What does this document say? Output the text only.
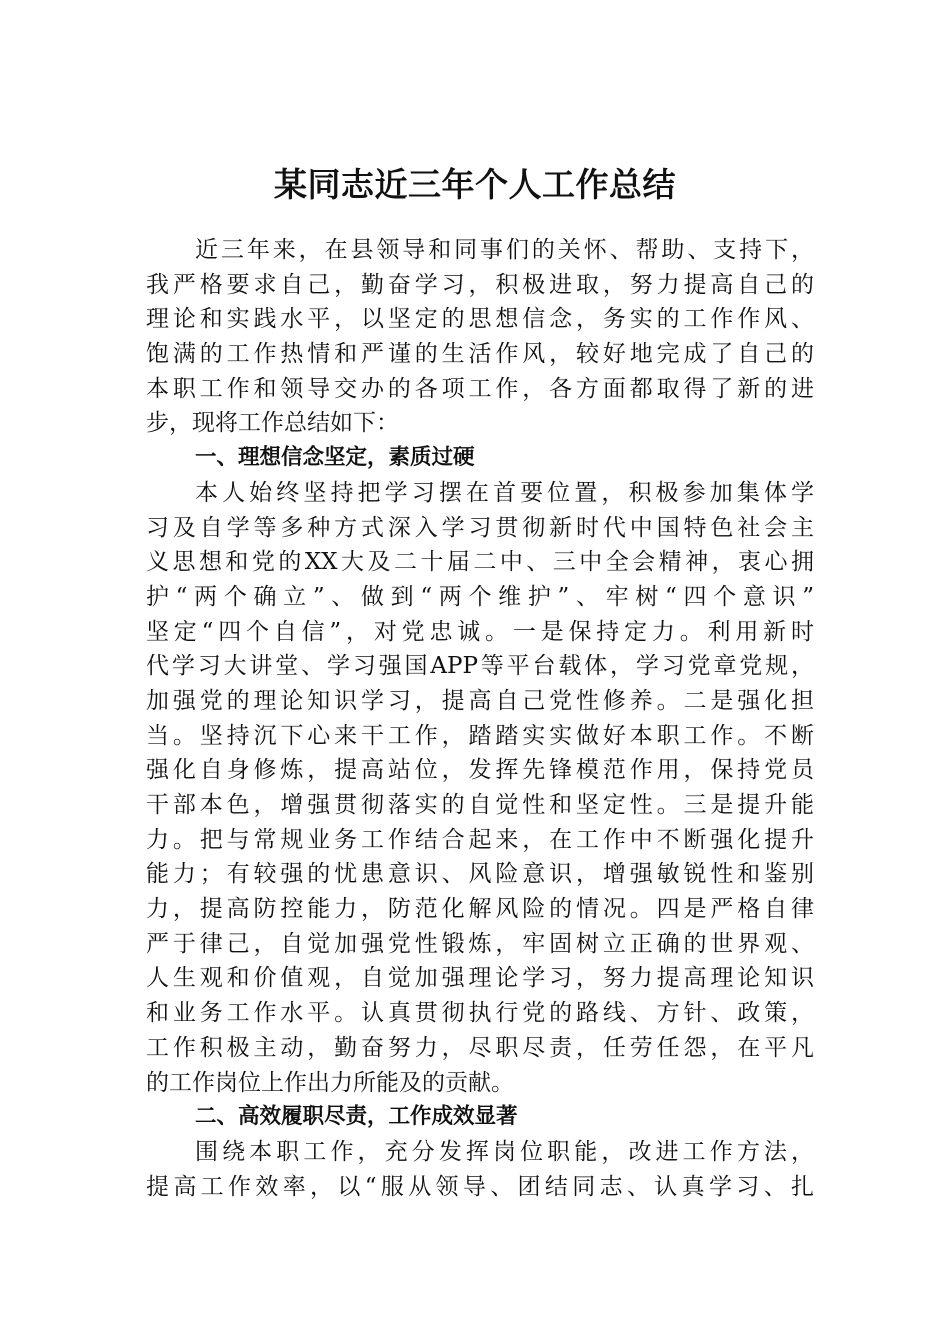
某同志近三年个人工作总结
近三年来，在县领导和同事们的关怀、帮助、支持下，
我严格要求自己，勤奋学习，积极进取，努力提高自己的
理论和实践水平，以坚定的思想信念，务实的工作作风、
饱满的工作热情和严谨的生活作风，较好地完成了自己的
本职工作和领导交办的各项工作，各方面都取得了新的进
步，现将工作总结如下：
一、理想信念坚定，素质过硬
本人始终坚持把学习摆在首要位置，积极参加集体学
习及自学等多种方式深入学习贯彻新时代中国特色社会主
义思想和党的XX大及二十届二中、三中全会精神，衷心拥
护“两个确立”、做到“两个维护”、牢树“四个意识”
坚定“四个自信”，对党忠诚。一是保持定力。利用新时
代学习大讲堂、学习强国APP等平台载体，学习党章党规，
加强党的理论知识学习，提高自己党性修养。二是强化担
当。坚持沉下心来干工作，踏踏实实做好本职工作。不断
强化自身修炼，提高站位，发挥先锋模范作用，保持党员
干部本色，增强贯彻落实的自觉性和坚定性。三是提升能
力。把与常规业务工作结合起来，在工作中不断强化提升
能力；有较强的忧患意识、风险意识，增强敏锐性和鉴别
力，提高防控能力，防范化解风险的情况。四是严格自律
严于律己，自觉加强党性锻炼，牢固树立正确的世界观、
人生观和价值观，自觉加强理论学习，努力提高理论知识
和业务工作水平。认真贯彻执行党的路线、方针、政策，
工作积极主动，勤奋努力，尽职尽责，任劳任怨，在平凡
的工作岗位上作出力所能及的贡献。
二、高效履职尽责，工作成效显著
围绕本职工作，充分发挥岗位职能，改进工作方法，
提高工作效率，以“服从领导、团结同志、认真学习、扎
